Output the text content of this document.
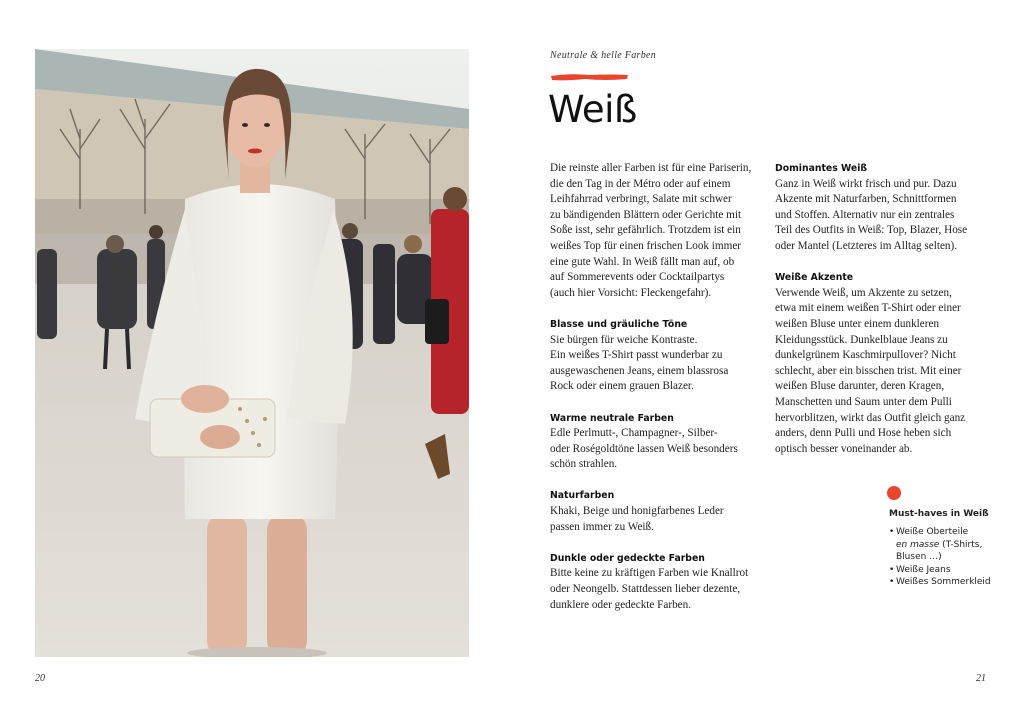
Neutrale & helle Farben
Weiß

Die reinste aller Farben ist für eine Pariserin,
die den Tag in der Métro oder auf einem
Leihfahrrad verbringt, Salate mit schwer
zu bändigenden Blättern oder Gerichte mit
Soße isst, sehr gefährlich. Trotzdem ist ein
weißes Top für einen frischen Look immer
eine gute Wahl. In Weiß fällt man auf, ob
auf Sommerevents oder Cocktailpartys
(auch hier Vorsicht: Fleckengefahr).

Blasse und gräuliche Töne
Sie bürgen für weiche Kontraste.
Ein weißes T-Shirt passt wunderbar zu
ausgewaschenen Jeans, einem blassrosa
Rock oder einem grauen Blazer.

Warme neutrale Farben
Edle Perlmutt-, Champagner-, Silber-
oder Roségoldtöne lassen Weiß besonders
schön strahlen.

Naturfarben
Khaki, Beige und honigfarbenes Leder
passen immer zu Weiß.

Dunkle oder gedeckte Farben
Bitte keine zu kräftigen Farben wie Knallrot
oder Neongelb. Stattdessen lieber dezente,
dunklere oder gedeckte Farben.

Dominantes Weiß
Ganz in Weiß wirkt frisch und pur. Dazu
Akzente mit Naturfarben, Schnittformen
und Stoffen. Alternativ nur ein zentrales
Teil des Outfits in Weiß: Top, Blazer, Hose
oder Mantel (Letzteres im Alltag selten).

Weiße Akzente
Verwende Weiß, um Akzente zu setzen,
etwa mit einem weißen T-Shirt oder einer
weißen Bluse unter einem dunkleren
Kleidungsstück. Dunkelblaue Jeans zu
dunkelgrünem Kaschmirpullover? Nicht
schlecht, aber ein bisschen trist. Mit einer
weißen Bluse darunter, deren Kragen,
Manschetten und Saum unter dem Pulli
hervorblitzen, wirkt das Outfit gleich ganz
anders, denn Pulli und Hose heben sich
optisch besser voneinander ab.

Must-haves in Weiß
• Weiße Oberteile
en masse (T-Shirts,
Blusen …)
• Weiße Jeans
• Weißes Sommerkleid
20	21
